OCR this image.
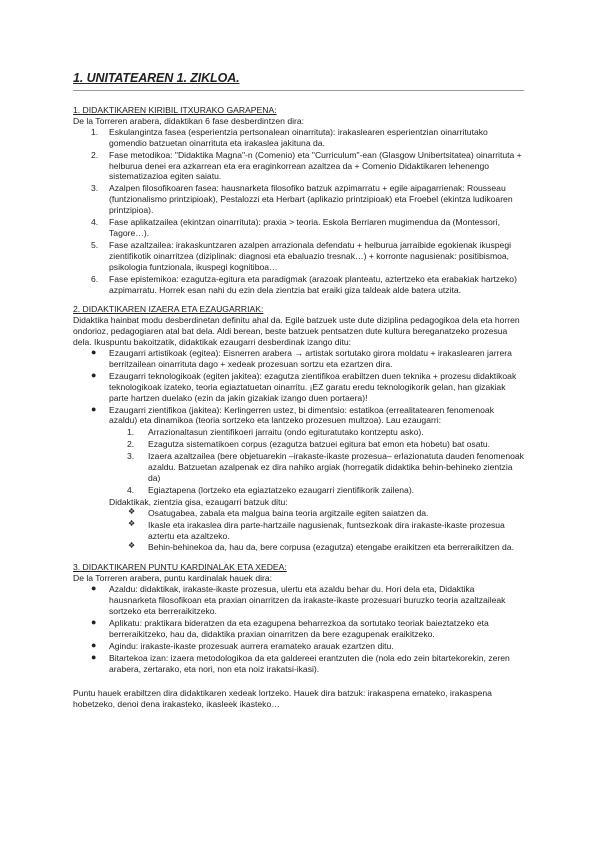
1. UNITATEAREN 1. ZIKLOA.
1. DIDAKTIKAREN KIRIBIL ITXURAKO GARAPENA:

De la Torreren arabera, didaktikan 6 fase desberdintzen dira:

1. Eskulangintza fasea (esperientzia pertsonalean oinarrituta): irakaslearen esperientzian oinarritutako gomendio batzuetan oinarrituta eta irakaslea jakituna da.
2. Fase metodikoa: "Didaktika Magna"-n (Comenio) eta "Curriculum"-ean (Glasgow Unibertsitatea) oinarrituta + helburua denei era azkarrean eta era eraginkorrean azaltzea da + Comenio Didaktikaren lehenengo sistematizazioa egiten saiatu.
3. Azalpen filosofikoaren fasea: hausnarketa filosofiko batzuk azpimarratu + egile aipagarrienak: Rousseau (funtzionalismo printzipioak), Pestalozzi eta Herbart (aplikazio printzipioak) eta Froebel (ekintza ludikoaren printzipioa).
4. Fase aplikatzailea (ekintzan oinarrituta): praxia > teoria. Eskola Berriaren mugimendua da (Montessori, Tagore…).
5. Fase azaltzailea: irakaskuntzaren azalpen arrazionala defendatu + helburua jarraibide egokienak ikuspegi zientifikotik oinarritzea (diziplinak: diagnosi eta ebaluazio tresnak…) + korronte nagusienak: positibismoa, psikologia funtzionala, ikuspegi kognitiboa…
6. Fase epistemikoa: ezagutza-egitura eta paradigmak (arazoak planteatu, aztertzeko eta erabakiak hartzeko) azpimarratu. Horrek esan nahi du ezin dela zientzia bat eraiki giza taldeak alde batera utzita.
2. DIDAKTIKAREN IZAERA ETA EZAUGARRIAK:

Didaktika hainbat modu desberdinetan definitu ahal da. Egile batzuek uste dute diziplina pedagogikoa dela eta horren ondorioz, pedagogiaren atal bat dela. Aldi berean, beste batzuek pentsatzen dute kultura bereganatzeko prozesua dela. Ikuspuntu bakoitzatik, didaktikak ezaugarri desberdinak izango ditu:

● Ezaugarri artistikoak (egitea): Eisnerren arabera → artistak sortutako girora moldatu + irakaslearen jarrera berritzailean oinarrituta dago + xedeak prozesuan sortzu eta ezartzen dira.
● Ezaugarri teknologikoak (egiten jakitea): ezagutza zientifikoa erabiltzen duen teknika + prozesu didaktikoak teknologikoak izateko, teoria egiaztatuetan oinarritu. ¡EZ garatu eredu teknologikorik gelan, han gizakiak parte hartzen duelako (ezin da jakin gizakiak izango duen portaera)!
● Ezaugarri zientifikoa (jakitea): Kerlingerren ustez, bi dimentsio: estatikoa (errealitatearen fenomenoak azaldu) eta dinamikoa (teoria sortzeko eta lantzeko prozesuen multzoa). Lau ezaugarri:
1. Arrazionaltasun zientifikoeri jarraitu (ondo egituratutako kontzeptu asko).
2. Ezagutza sistematikoen corpus (ezagutza batzuei egitura bat emon eta hobetu) bat osatu.
3. Izaera azaltzailea (bere objetuarekin –irakaste-ikaste prozesua– erlazionatuta dauden fenomenoak azaldu. Batzuetan azalpenak ez dira nahiko argiak (horregatik didaktika behin-behineko zientzia da)
4. Egiaztapena (lortzeko eta egiaztatzeko ezaugarri zientifikorik zailena).

Didaktikak, zientzia gisa, ezaugarri batzuk ditu:

❖ Osatugabea, zabala eta malgua baina teoria argitzaile egiten saiatzen da.
❖ Ikasle eta irakaslea dira parte-hartzaile nagusienak, funtsezkoak dira irakaste-ikaste prozesua aztertu eta azaltzeko.
❖ Behin-behinekoa da, hau da, bere corpusa (ezagutza) etengabe eraikitzen eta berreraikitzen da.
3. DIDAKTIKAREN PUNTU KARDINALAK ETA XEDEA:

De la Torreren arabera, puntu kardinalak hauek dira:

● Azaldu: didaktikak, irakaste-ikaste prozesua, ulertu eta azaldu behar du. Hori dela eta, Didaktika hausnarketa filosofikoan eta praxian oinarritzen da irakaste-ikaste prozesuari buruzko teoria azaltzaileak sortzeko eta berreraikitzeko.
● Aplikatu: praktikara bideratzen da eta ezagupena beharrezkoa da sortutako teoriak baieztatzeko eta berreraikitzeko, hau da, didaktika praxian oinarritzen da bere ezagupenak eraikitzeko.
● Agindu: irakaste-ikaste prozesuak aurrera eramateko arauak ezartzen ditu.
● Bitartekoa izan: izaera metodologikoa da eta galdereei erantzuten die (nola edo zein bitartekorekin, zeren arabera, zertarako, eta nori, non eta noiz irakatsi-ikasi).

Puntu hauek erabiltzen dira didaktikaren xedeak lortzeko. Hauek dira batzuk: irakaspena emateko, irakaspena hobetzeko, denoi dena irakasteko, ikasleek ikasteko…
